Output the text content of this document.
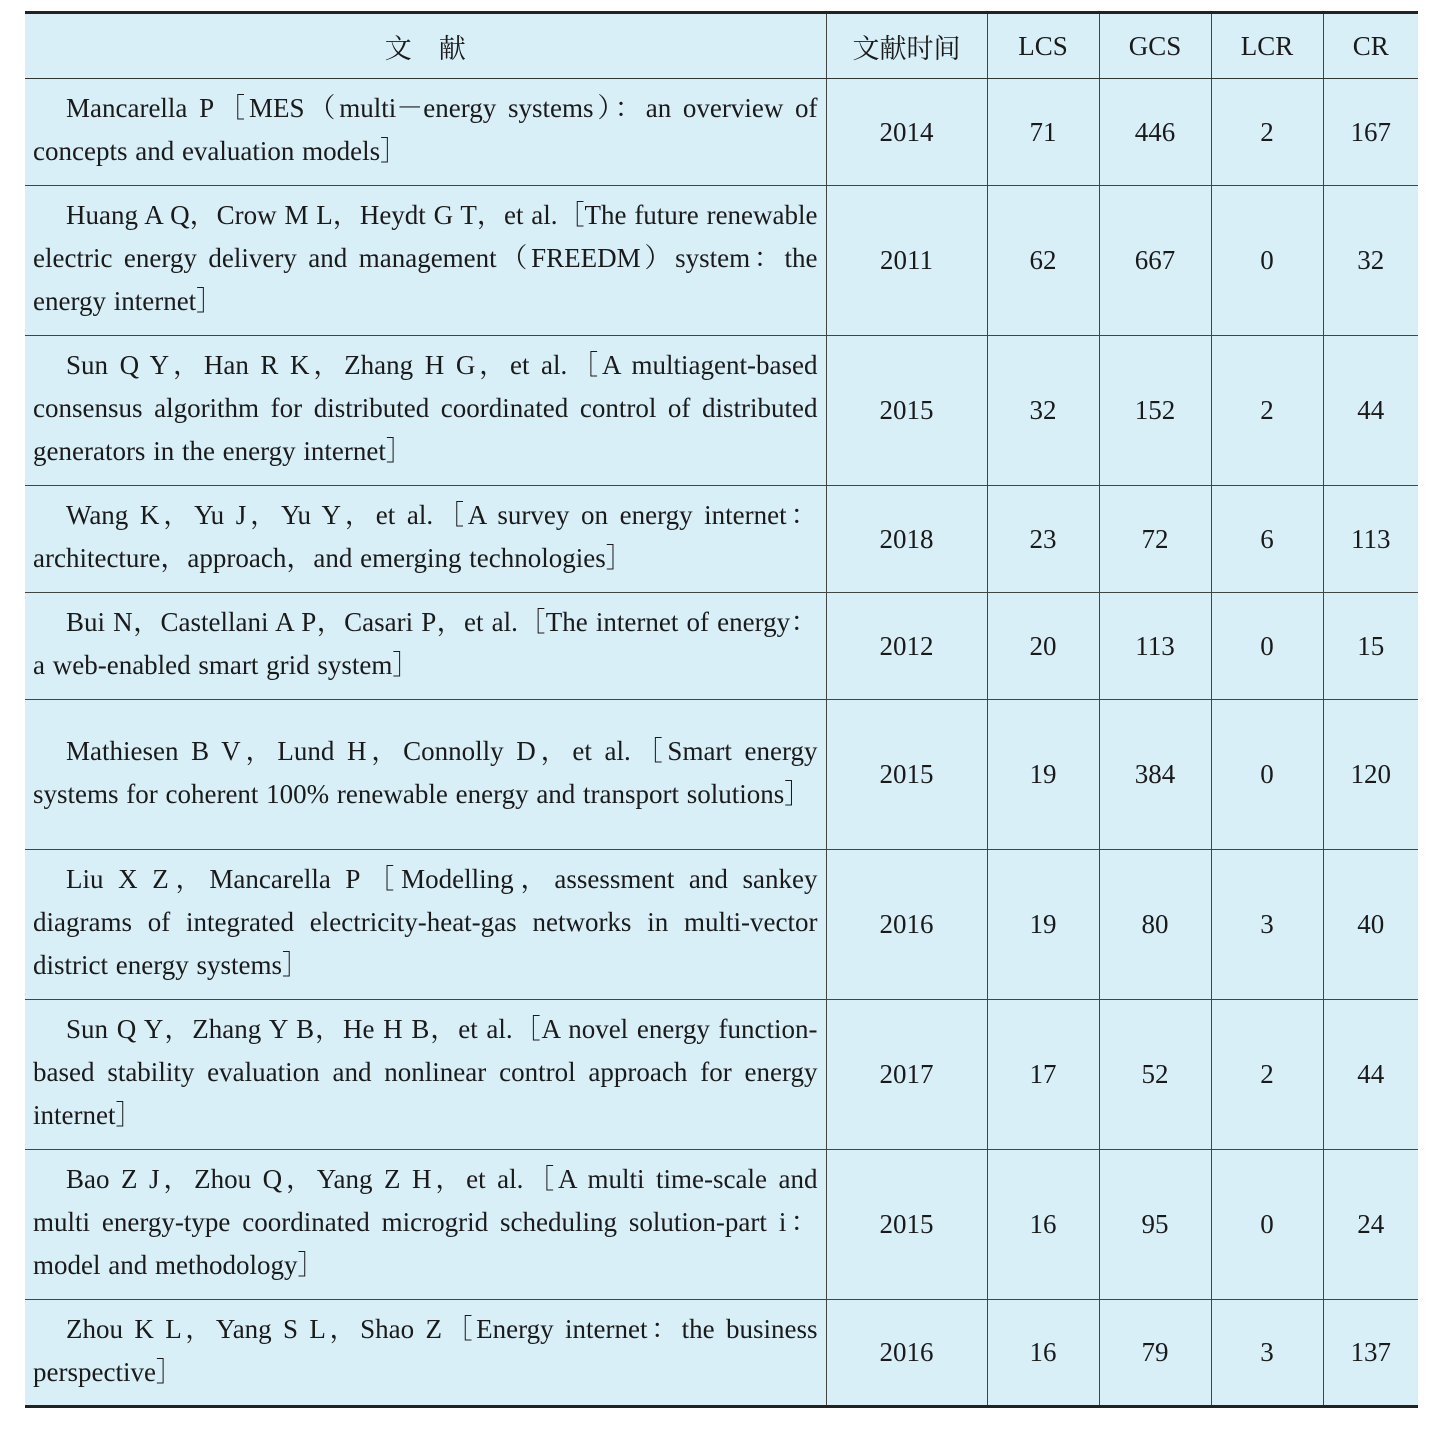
文　献	文献时间	LCS	GCS	LCR	CR
Mancarella P［MES（multi－energy systems）：an overview of concepts and evaluation models］	2014	71	446	2	167
Huang A Q，Crow M L，Heydt G T，et al.［The future renewable electric energy delivery and management（FREEDM）system：the energy internet］	2011	62	667	0	32
Sun Q Y，Han R K，Zhang H G，et al.［A multiagent-based consensus algorithm for distributed coordinated control of distributed generators in the energy internet］	2015	32	152	2	44
Wang K，Yu J，Yu Y，et al.［A survey on energy internet：architecture，approach，and emerging technologies］	2018	23	72	6	113
Bui N，Castellani A P，Casari P，et al.［The internet of energy：a web-enabled smart grid system］	2012	20	113	0	15
Mathiesen B V，Lund H，Connolly D，et al.［Smart energy systems for coherent 100% renewable energy and transport solutions］	2015	19	384	0	120
Liu X Z，Mancarella P［Modelling，assessment and sankey diagrams of integrated electricity-heat-gas networks in multi-vector district energy systems］	2016	19	80	3	40
Sun Q Y，Zhang Y B，He H B，et al.［A novel energy function-based stability evaluation and nonlinear control approach for energy internet］	2017	17	52	2	44
Bao Z J，Zhou Q，Yang Z H，et al.［A multi time-scale and multi energy-type coordinated microgrid scheduling solution-part i：model and methodology］	2015	16	95	0	24
Zhou K L，Yang S L，Shao Z［Energy internet：the business perspective］	2016	16	79	3	137
